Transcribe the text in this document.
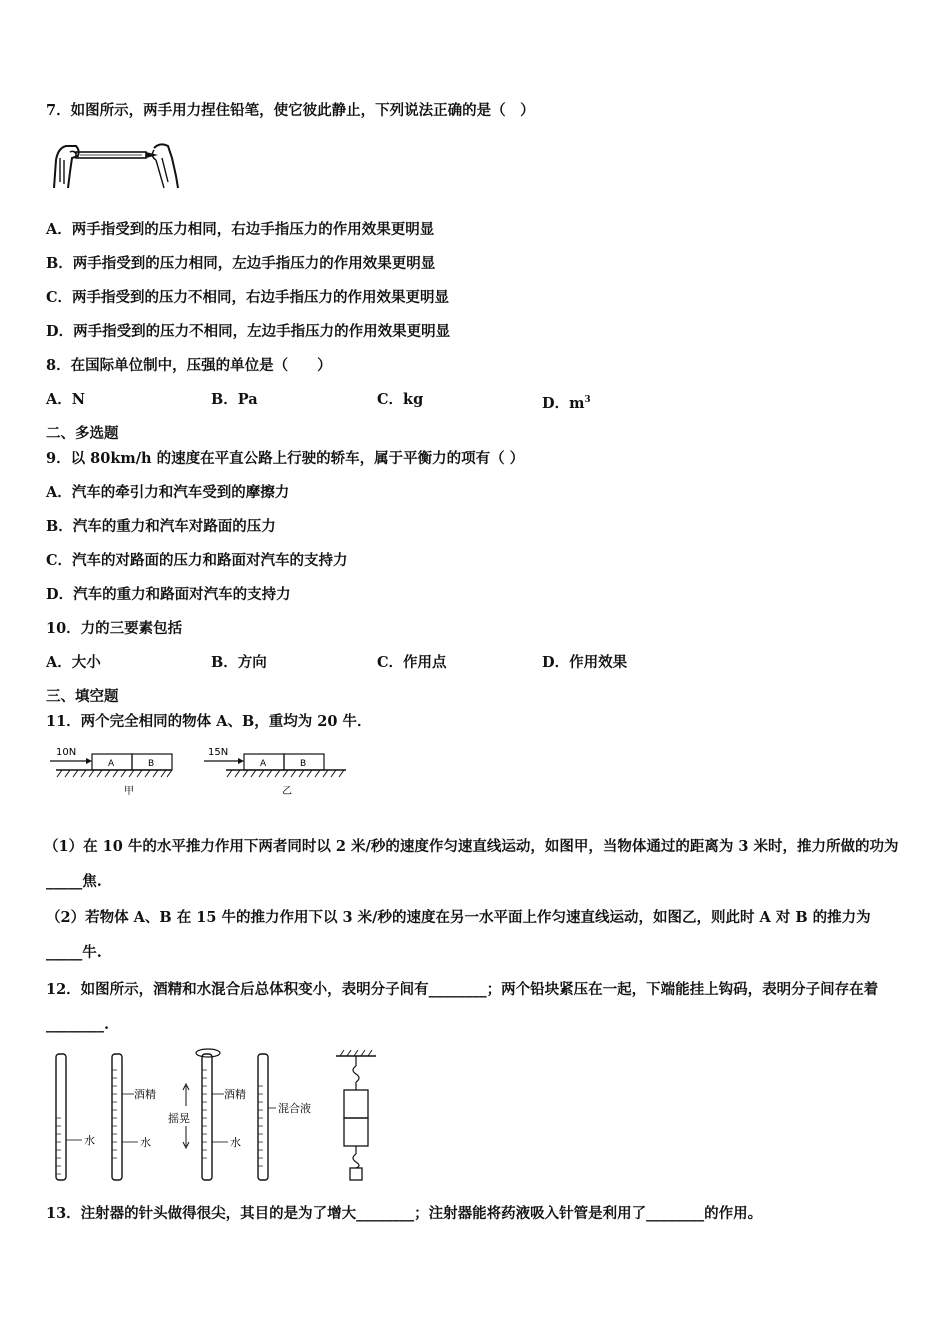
7．如图所示，两手用力捏住铅笔，使它彼此静止，下列说法正确的是（　）
A．两手指受到的压力相同，右边手指压力的作用效果更明显
B．两手指受到的压力相同，左边手指压力的作用效果更明显
C．两手指受到的压力不相同，右边手指压力的作用效果更明显
D．两手指受到的压力不相同，左边手指压力的作用效果更明显
8．在国际单位制中，压强的单位是（　　）
A．N	B．Pa	C．kg	D．$m^3$
二、多选题
9．以 80km/h 的速度在平直公路上行驶的轿车，属于平衡力的项有（ ）
A．汽车的牵引力和汽车受到的摩擦力
B．汽车的重力和汽车对路面的压力
C．汽车的对路面的压力和路面对汽车的支持力
D．汽车的重力和路面对汽车的支持力
10．力的三要素包括
A．大小	B．方向	C．作用点	D．作用效果
三、填空题
11．两个完全相同的物体 A、B，重均为 20 牛．
10N
A	B
甲
15N
A	B
乙
（1）在 10 牛的水平推力作用下两者同时以 2 米/秒的速度作匀速直线运动，如图甲，当物体通过的距离为 3 米时，推力所做的功为_____焦.
（2）若物体 A、B 在 15 牛的推力作用下以 3 米/秒的速度在另一水平面上作匀速直线运动，如图乙，则此时 A 对 B 的推力为_____牛.
12．如图所示，酒精和水混合后总体积变小，表明分子间有________；两个铅块紧压在一起，下端能挂上钩码，表明分子间存在着________.
水
酒精
水
摇晃
酒精
水
混合液
13．注射器的针头做得很尖，其目的是为了增大________；注射器能将药液吸入针管是利用了________的作用。
